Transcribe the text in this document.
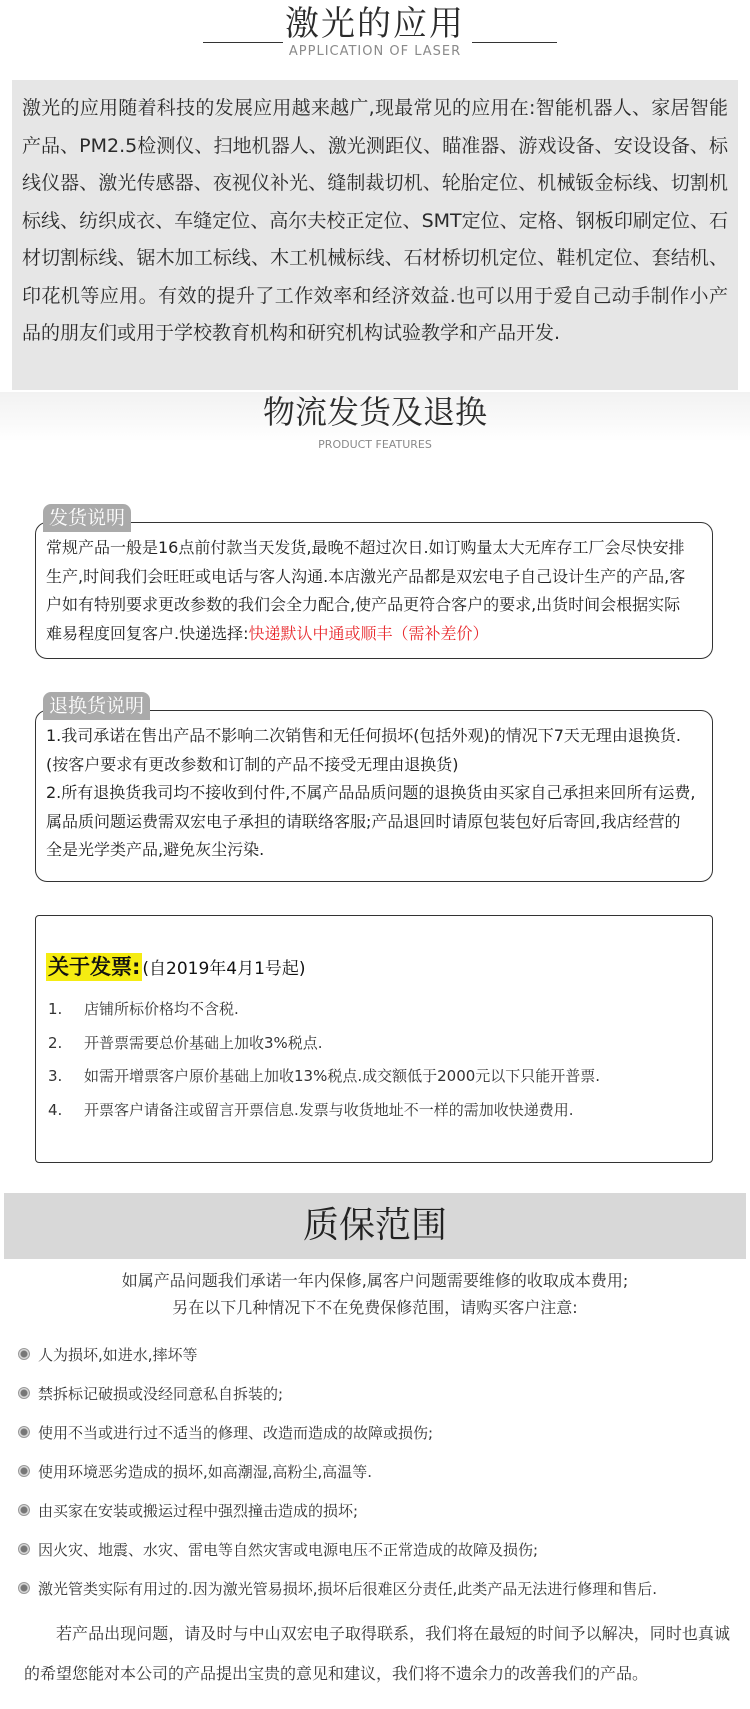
激光的应用
APPLICATION OF LASER
激光的应用随着科技的发展应用越来越广,现最常见的应用在:智能机器人、家居智能产品、PM2.5检测仪、扫地机器人、激光测距仪、瞄准器、游戏设备、安设设备、标线仪器、激光传感器、夜视仪补光、缝制裁切机、轮胎定位、机械钣金标线、切割机标线、纺织成衣、车缝定位、高尔夫校正定位、SMT定位、定格、钢板印刷定位、石材切割标线、锯木加工标线、木工机械标线、石材桥切机定位、鞋机定位、套结机、印花机等应用。有效的提升了工作效率和经济效益.也可以用于爱自己动手制作小产品的朋友们或用于学校教育机构和研究机构试验教学和产品开发.
物流发货及退换
PRODUCT FEATURES
发货说明
常规产品一般是16点前付款当天发货,最晚不超过次日.如订购量太大无库存工厂会尽快安排生产,时间我们会旺旺或电话与客人沟通.本店激光产品都是双宏电子自己设计生产的产品,客户如有特别要求更改参数的我们会全力配合,使产品更符合客户的要求,出货时间会根据实际难易程度回复客户.快递选择:快递默认中通或顺丰（需补差价）
退换货说明
1.我司承诺在售出产品不影响二次销售和无任何损坏(包括外观)的情况下7天无理由退换货.(按客户要求有更改参数和订制的产品不接受无理由退换货)
2.所有退换货我司均不接收到付件,不属产品品质问题的退换货由买家自己承担来回所有运费,属品质问题运费需双宏电子承担的请联络客服;产品退回时请原包装包好后寄回,我店经营的全是光学类产品,避免灰尘污染.
关于发票: (自2019年4月1号起)
1. 店铺所标价格均不含税.
2. 开普票需要总价基础上加收3%税点.
3. 如需开增票客户原价基础上加收13%税点.成交额低于2000元以下只能开普票.
4. 开票客户请备注或留言开票信息.发票与收货地址不一样的需加收快递费用.
质保范围
如属产品问题我们承诺一年内保修,属客户问题需要维修的收取成本费用;
另在以下几种情况下不在免费保修范围，请购买客户注意:
人为损坏,如进水,摔坏等
禁拆标记破损或没经同意私自拆装的;
使用不当或进行过不适当的修理、改造而造成的故障或损伤;
使用环境恶劣造成的损坏,如高潮湿,高粉尘,高温等.
由买家在安装或搬运过程中强烈撞击造成的损坏;
因火灾、地震、水灾、雷电等自然灾害或电源电压不正常造成的故障及损伤;
激光管类实际有用过的.因为激光管易损坏,损坏后很难区分责任,此类产品无法进行修理和售后.
若产品出现问题，请及时与中山双宏电子取得联系，我们将在最短的时间予以解决，同时也真诚的希望您能对本公司的产品提出宝贵的意见和建议，我们将不遗余力的改善我们的产品。
